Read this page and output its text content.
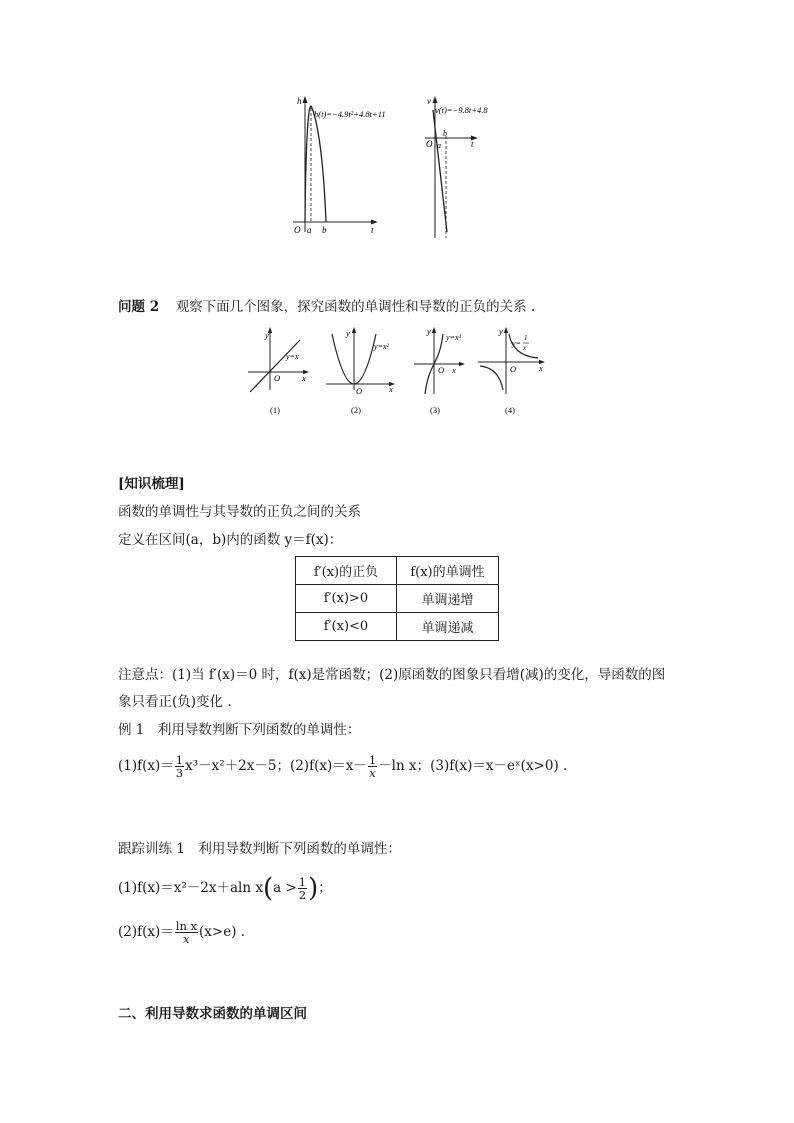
h
t
O a b
h(t)=−4.9t²+4.8t+11
v
t
O a
b
v(t)=−9.8t+4.8
问题 2 观察下面几个图象，探究函数的单调性和导数的正负的关系 .
y
x
O
y=x
(1)
y
x
O
y=x²
(2)
y
x
O
y=x³
(3)
y
x
O
y=
1
x
(4)
[知识梳理]
函数的单调性与其导数的正负之间的关系
定义在区间(a，b)内的函数 y＝f(x)：
f′(x)的正负	f(x)的单调性
f′(x)>0	单调递增
f′(x)<0	单调递减
注意点：(1)当 f′(x)＝0 时，f(x)是常函数；(2)原函数的图象只看增(减)的变化，导函数的图
象只看正(负)变化 .
例 1　利用导数判断下列函数的单调性：
$(1)f(x)= \frac{1}{3} x^3-x^2+2x-5$；$(2)f(x)=x- \frac{1}{x} -\ln$ x；(3)f(x)＝x－eˣ(x>0) .
跟踪训练 1　利用导数判断下列函数的单调性：
(1)f(x)＝x²－2x＋aln $x(a > \frac{1}{2}$ )；
$(2)f(x)= \frac{\text{ln x}}{x} (x>e)$ .
二、利用导数求函数的单调区间
